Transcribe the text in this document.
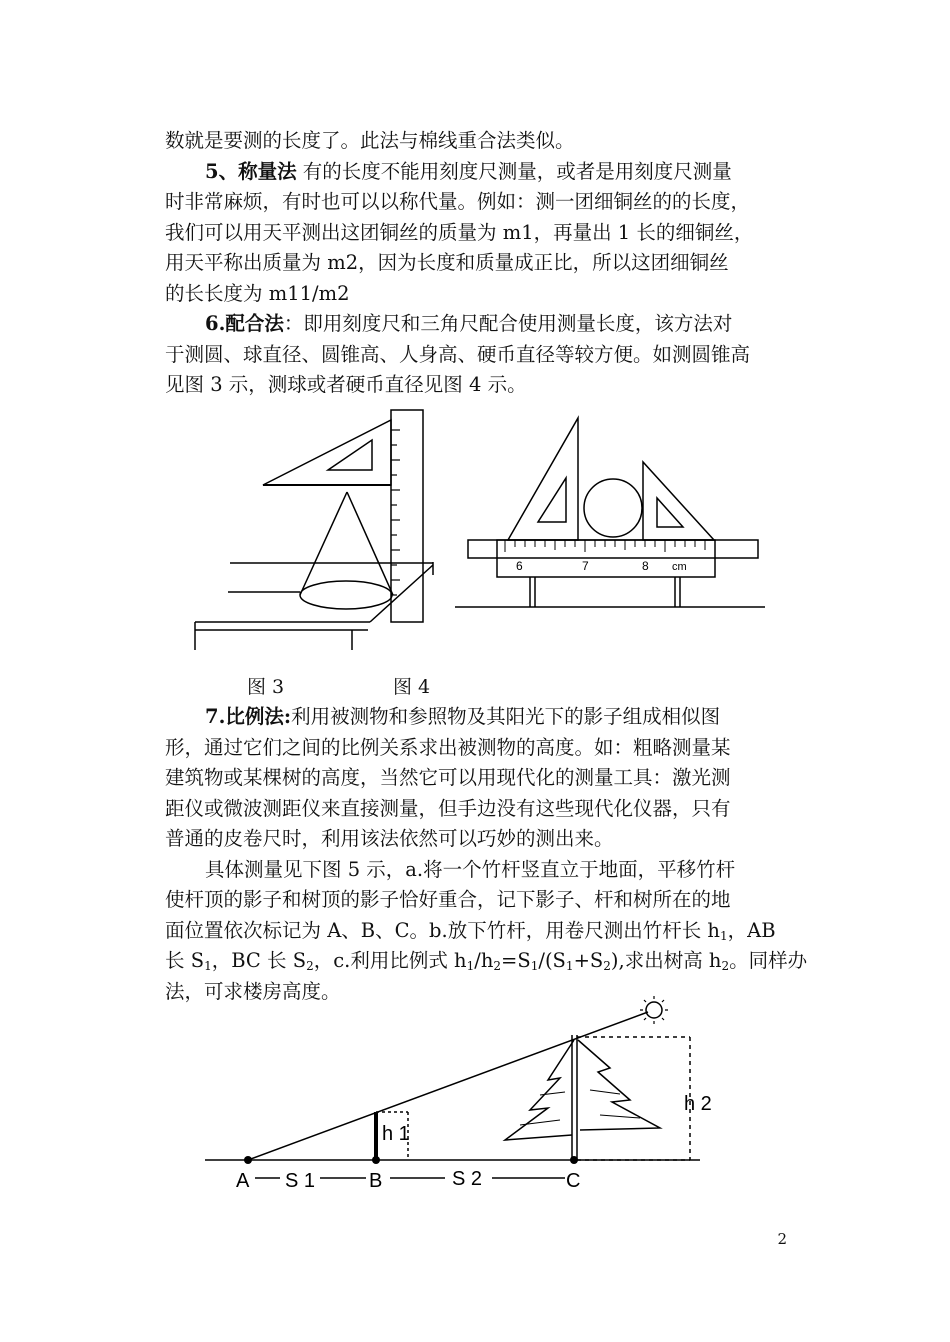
数就是要测的长度了。此法与棉线重合法类似。
5、称量法 有的长度不能用刻度尺测量，或者是用刻度尺测量
时非常麻烦，有时也可以以称代量。例如：测一团细铜丝的的长度，
我们可以用天平测出这团铜丝的质量为 m1，再量出 1 长的细铜丝，
用天平称出质量为 m2，因为长度和质量成正比，所以这团细铜丝
的长长度为 m11/m2
6.配合法：即用刻度尺和三角尺配合使用测量长度，该方法对
于测圆、球直径、圆锥高、人身高、硬币直径等较方便。如测圆锥高
见图 3 示，测球或者硬币直径见图 4 示。
6	7	8 cm
A	B	C
S 1	S 2
h 1
h 2
图 3	图 4
7.比例法:利用被测物和参照物及其阳光下的影子组成相似图
形，通过它们之间的比例关系求出被测物的高度。如：粗略测量某
建筑物或某棵树的高度，当然它可以用现代化的测量工具：激光测
距仪或微波测距仪来直接测量，但手边没有这些现代化仪器，只有
普通的皮卷尺时，利用该法依然可以巧妙的测出来。
具体测量见下图 5 示，a.将一个竹杆竖直立于地面，平移竹杆
使杆顶的影子和树顶的影子恰好重合，记下影子、杆和树所在的地
面位置依次标记为 A、B、C。b.放下竹杆，用卷尺测出竹杆长 $h_1$，AB
长 $S_1$，BC 长 $S_2$，c.利用比例式 $h_1/h_2=S_1/(S_1+S_2)$,求出树高 $h_2$。同样办
法，可求楼房高度。
2
